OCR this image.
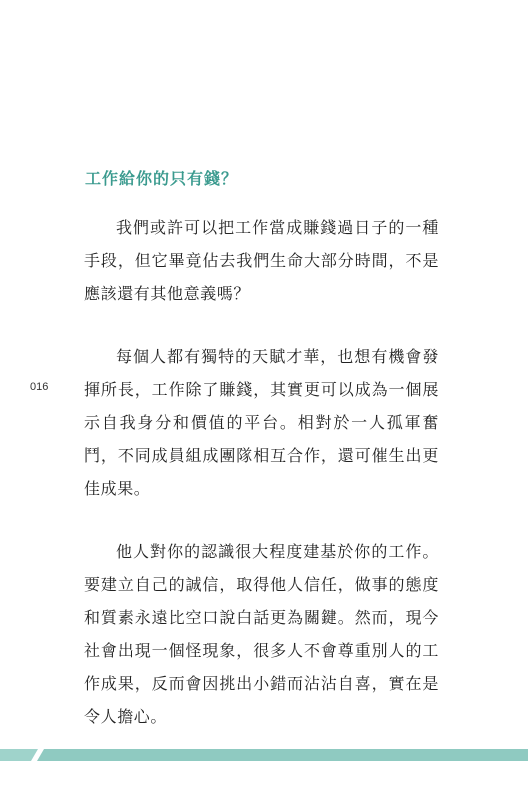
工作給你的只有錢？

我們或許可以把工作當成賺錢過日子的一種手段，但它畢竟佔去我們生命大部分時間，不是應該還有其他意義嗎？

每個人都有獨特的天賦才華，也想有機會發揮所長，工作除了賺錢，其實更可以成為一個展示自我身分和價值的平台。相對於一人孤軍奮鬥，不同成員組成團隊相互合作，還可催生出更佳成果。

他人對你的認識很大程度建基於你的工作。要建立自己的誠信，取得他人信任，做事的態度和質素永遠比空口說白話更為關鍵。然而，現今社會出現一個怪現象，很多人不會尊重別人的工作成果，反而會因挑出小錯而沾沾自喜，實在是令人擔心。

016
